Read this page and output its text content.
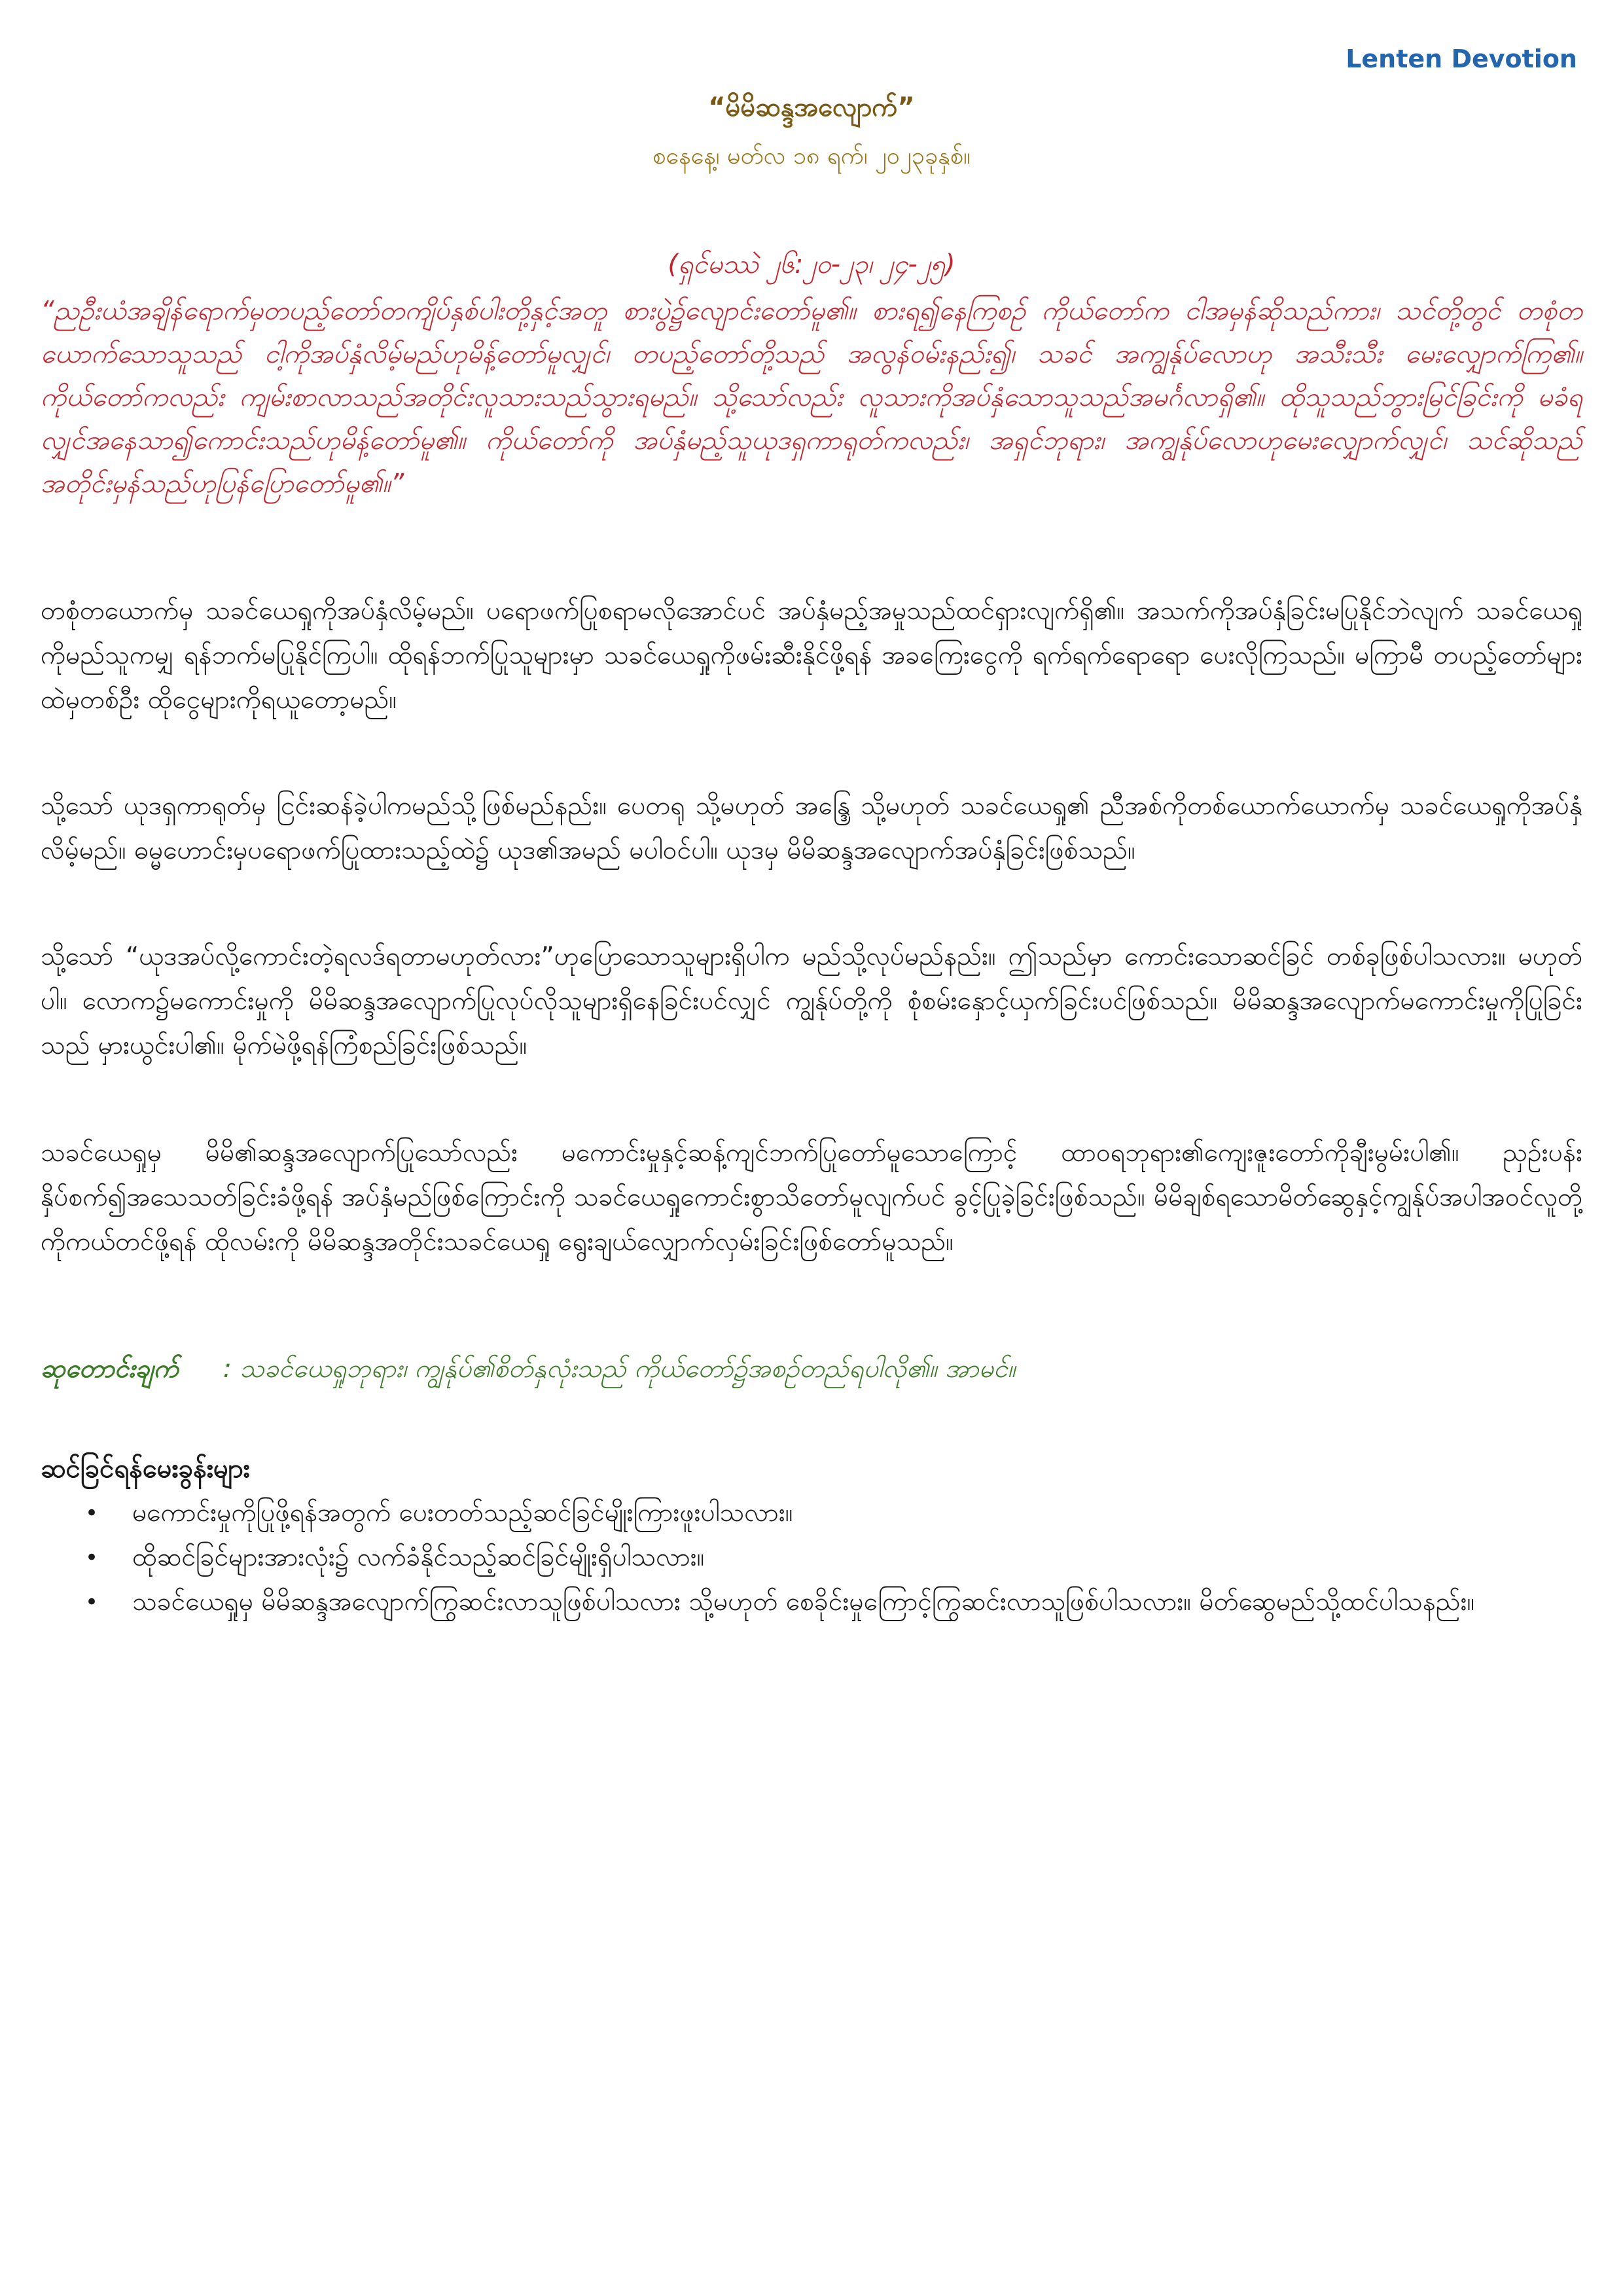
Lenten Devotion
“မိမိဆန္ဒအလျောက်”
စနေနေ့၊ မတ်လ ၁၈ ရက်၊ ၂၀၂၃ခုနှစ်။
(ရှင်မဿဲ ၂၆:၂၀-၂၃၊ ၂၄-၂၅)

“ညဦးယံအချိန်ရောက်မှတပည့်တော်တကျိပ်နှစ်ပါးတို့နှင့်အတူ စားပွဲ၌လျောင်းတော်မူ၏။ စားရ၍နေကြစဉ် ကိုယ်တော်က ငါအမှန်ဆိုသည်ကား၊ သင်တို့တွင် တစုံတယောက်သောသူသည် ငါ့ကိုအပ်နှံလိမ့်မည်ဟုမိန့်တော်မူလျှင်၊ တပည့်တော်တို့သည် အလွန်ဝမ်းနည်း၍၊ သခင် အကျွန်ုပ်လောဟု အသီးသီး မေးလျှောက်ကြ၏။ ကိုယ်တော်ကလည်း ကျမ်းစာလာသည်အတိုင်းလူသားသည်သွားရမည်။ သို့သော်လည်း လူသားကိုအပ်နှံသောသူသည်အမင်္ဂလာရှိ၏။ ထိုသူသည်ဘွားမြင်ခြင်းကို မခံရလျှင်အနေသာ၍ကောင်းသည်ဟုမိန့်တော်မူ၏။ ကိုယ်တော်ကို အပ်နှံမည့်သူယုဒရှကာရုတ်ကလည်း၊ အရှင်ဘုရား၊ အကျွန်ုပ်လောဟုမေးလျှောက်လျှင်၊ သင်ဆိုသည်အတိုင်းမှန်သည်ဟုပြန်ပြောတော်မူ၏။”

တစုံတယောက်မှ သခင်ယေရှုကိုအပ်နှံလိမ့်မည်။ ပရောဖက်ပြုစရာမလိုအောင်ပင် အပ်နှံမည့်အမှုသည်ထင်ရှားလျက်ရှိ၏။ အသက်ကိုအပ်နှံခြင်းမပြုနိုင်ဘဲလျက် သခင်ယေရှုကိုမည်သူကမျှ ရန်ဘက်မပြုနိုင်ကြပါ။ ထိုရန်ဘက်ပြုသူများမှာ သခင်ယေရှုကိုဖမ်းဆီးနိုင်ဖို့ရန် အခကြေးငွေကို ရက်ရက်ရောရော ပေးလိုကြသည်။ မကြာမီ တပည့်တော်များထဲမှတစ်ဦး ထိုငွေများကိုရယူတော့မည်။

သို့သော် ယုဒရှကာရုတ်မှ ငြင်းဆန်ခဲ့ပါကမည်သို့ဖြစ်မည်နည်း။ ပေတရု သို့မဟုတ် အန္ဒြေ သို့မဟုတ် သခင်ယေရှု၏ ညီအစ်ကိုတစ်ယောက်ယောက်မှ သခင်ယေရှုကိုအပ်နှံလိမ့်မည်။ ဓမ္မဟောင်းမှပရောဖက်ပြုထားသည့်ထဲ၌ ယုဒ၏အမည် မပါဝင်ပါ။ ယုဒမှ မိမိဆန္ဒအလျောက်အပ်နှံခြင်းဖြစ်သည်။

သို့သော် “ယုဒအပ်လို့ကောင်းတဲ့ရလဒ်ရတာမဟုတ်လား”ဟုပြောသောသူများရှိပါက မည်သို့လုပ်မည်နည်း။ ဤသည်မှာ ကောင်းသောဆင်ခြင် တစ်ခုဖြစ်ပါသလား။ မဟုတ်ပါ။ လောက၌မကောင်းမှုကို မိမိဆန္ဒအလျောက်ပြုလုပ်လိုသူများရှိနေခြင်းပင်လျှင် ကျွန်ုပ်တို့ကို စုံစမ်းနှောင့်ယှက်ခြင်းပင်ဖြစ်သည်။ မိမိဆန္ဒအလျောက်မကောင်းမှုကိုပြုခြင်းသည် မှားယွင်းပါ၏။ မိုက်မဲဖို့ရန်ကြံစည်ခြင်းဖြစ်သည်။

သခင်ယေရှုမှ မိမိ၏ဆန္ဒအလျောက်ပြုသော်လည်း မကောင်းမှုနှင့်ဆန့်ကျင်ဘက်ပြုတော်မူသောကြောင့် ထာဝရဘုရား၏ကျေးဇူးတော်ကိုချီးမွမ်းပါ၏။ ညှဉ်းပန်းနှိပ်စက်၍အသေသတ်ခြင်းခံဖို့ရန် အပ်နှံမည်ဖြစ်ကြောင်းကို သခင်ယေရှုကောင်းစွာသိတော်မူလျက်ပင် ခွင့်ပြုခဲ့ခြင်းဖြစ်သည်။ မိမိချစ်ရသောမိတ်ဆွေနှင့်ကျွန်ုပ်အပါအဝင်လူတို့ကိုကယ်တင်ဖို့ရန် ထိုလမ်းကို မိမိဆန္ဒအတိုင်းသခင်ယေရှု ရွေးချယ်လျှောက်လှမ်းခြင်းဖြစ်တော်မူသည်။

ဆုတောင်းချက် : သခင်ယေရှုဘုရား၊ ကျွန်ုပ်၏စိတ်နှလုံးသည် ကိုယ်တော်၌အစဉ်တည်ရပါလို၏။ အာမင်။

ဆင်ခြင်ရန်မေးခွန်းများ
• မကောင်းမှုကိုပြုဖို့ရန်အတွက် ပေးတတ်သည့်ဆင်ခြင်မျိုးကြားဖူးပါသလား။
• ထိုဆင်ခြင်များအားလုံး၌ လက်ခံနိုင်သည့်ဆင်ခြင်မျိုးရှိပါသလား။
• သခင်ယေရှုမှ မိမိဆန္ဒအလျောက်ကြွဆင်းလာသူဖြစ်ပါသလား သို့မဟုတ် စေခိုင်းမှုကြောင့်ကြွဆင်းလာသူဖြစ်ပါသလား။ မိတ်ဆွေမည်သို့ထင်ပါသနည်း။
